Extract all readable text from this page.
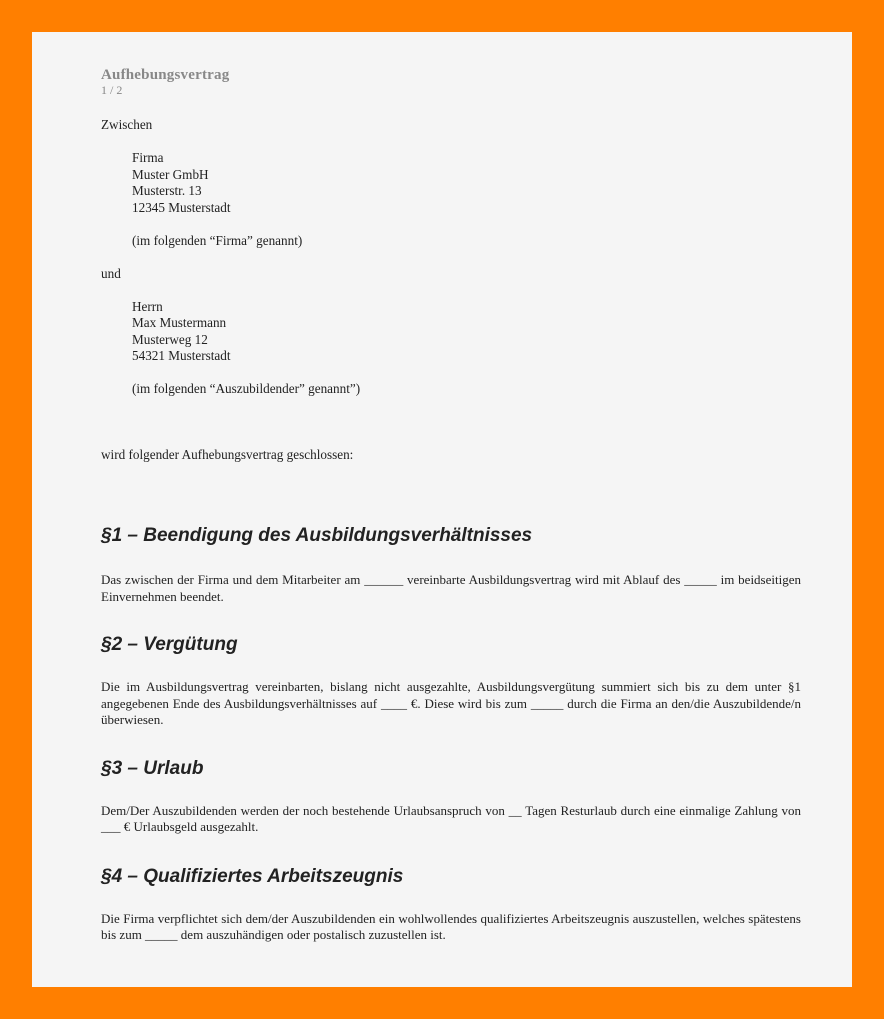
Aufhebungsvertrag
1 / 2
Zwischen
Firma
Muster GmbH
Musterstr. 13
12345 Musterstadt
(im folgenden “Firma” genannt)
und
Herrn
Max Mustermann
Musterweg 12
54321 Musterstadt
(im folgenden “Auszubildender” genannt”)
wird folgender Aufhebungsvertrag geschlossen:
§1 – Beendigung des Ausbildungsverhältnisses
Das zwischen der Firma und dem Mitarbeiter am ______ vereinbarte Ausbildungsvertrag wird mit Ablauf des _____ im beidseitigen Einvernehmen beendet.
§2 – Vergütung
Die im Ausbildungsvertrag vereinbarten, bislang nicht ausgezahlte, Ausbildungsvergütung summiert sich bis zu dem unter §1 angegebenen Ende des Ausbildungsverhältnisses auf ____ €. Diese wird bis zum _____ durch die Firma an den/die Auszubildende/n überwiesen.
§3 – Urlaub
Dem/Der Auszubildenden werden der noch bestehende Urlaubsanspruch von __ Tagen Resturlaub durch eine einmalige Zahlung von ___ € Urlaubsgeld ausgezahlt.
§4 – Qualifiziertes Arbeitszeugnis
Die Firma verpflichtet sich dem/der Auszubildenden ein wohlwollendes qualifiziertes Arbeitszeugnis auszustellen, welches spätestens bis zum _____ dem auszuhändigen oder postalisch zuzustellen ist.
